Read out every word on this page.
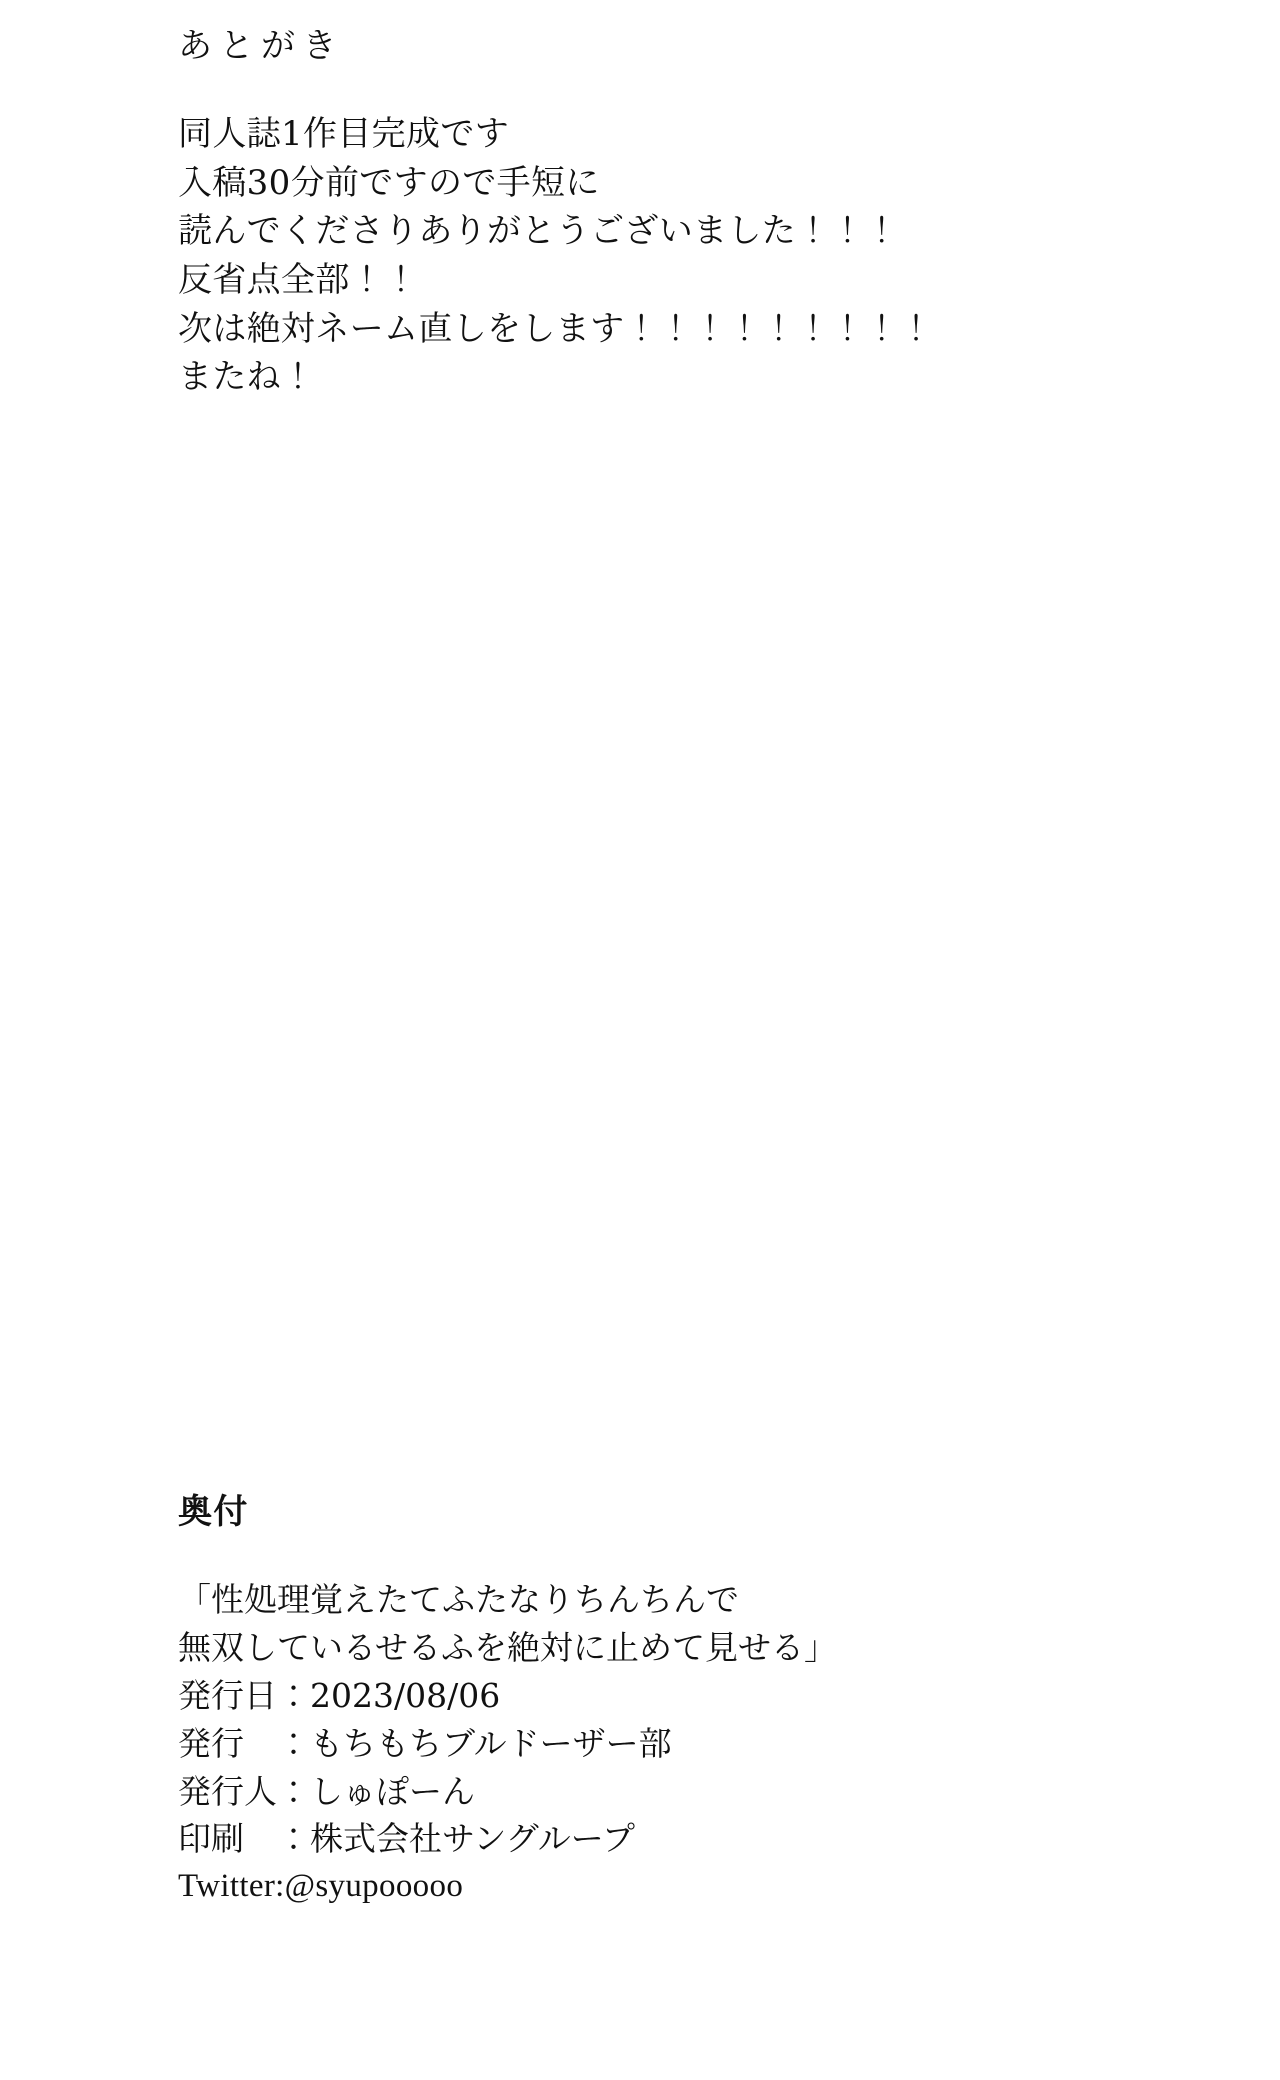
あとがき
同人誌1作目完成です
入稿30分前ですので手短に
読んでくださりありがとうございました！！！
反省点全部！！
次は絶対ネーム直しをします！！！！！！！！！
またね！
奥付
「性処理覚えたてふたなりちんちんで
無双しているせるふを絶対に止めて見せる」
発行日：2023/08/06
発行　：もちもちブルドーザー部
発行人：しゅぽーん
印刷　：株式会社サングループ
Twitter:@syupooooo
